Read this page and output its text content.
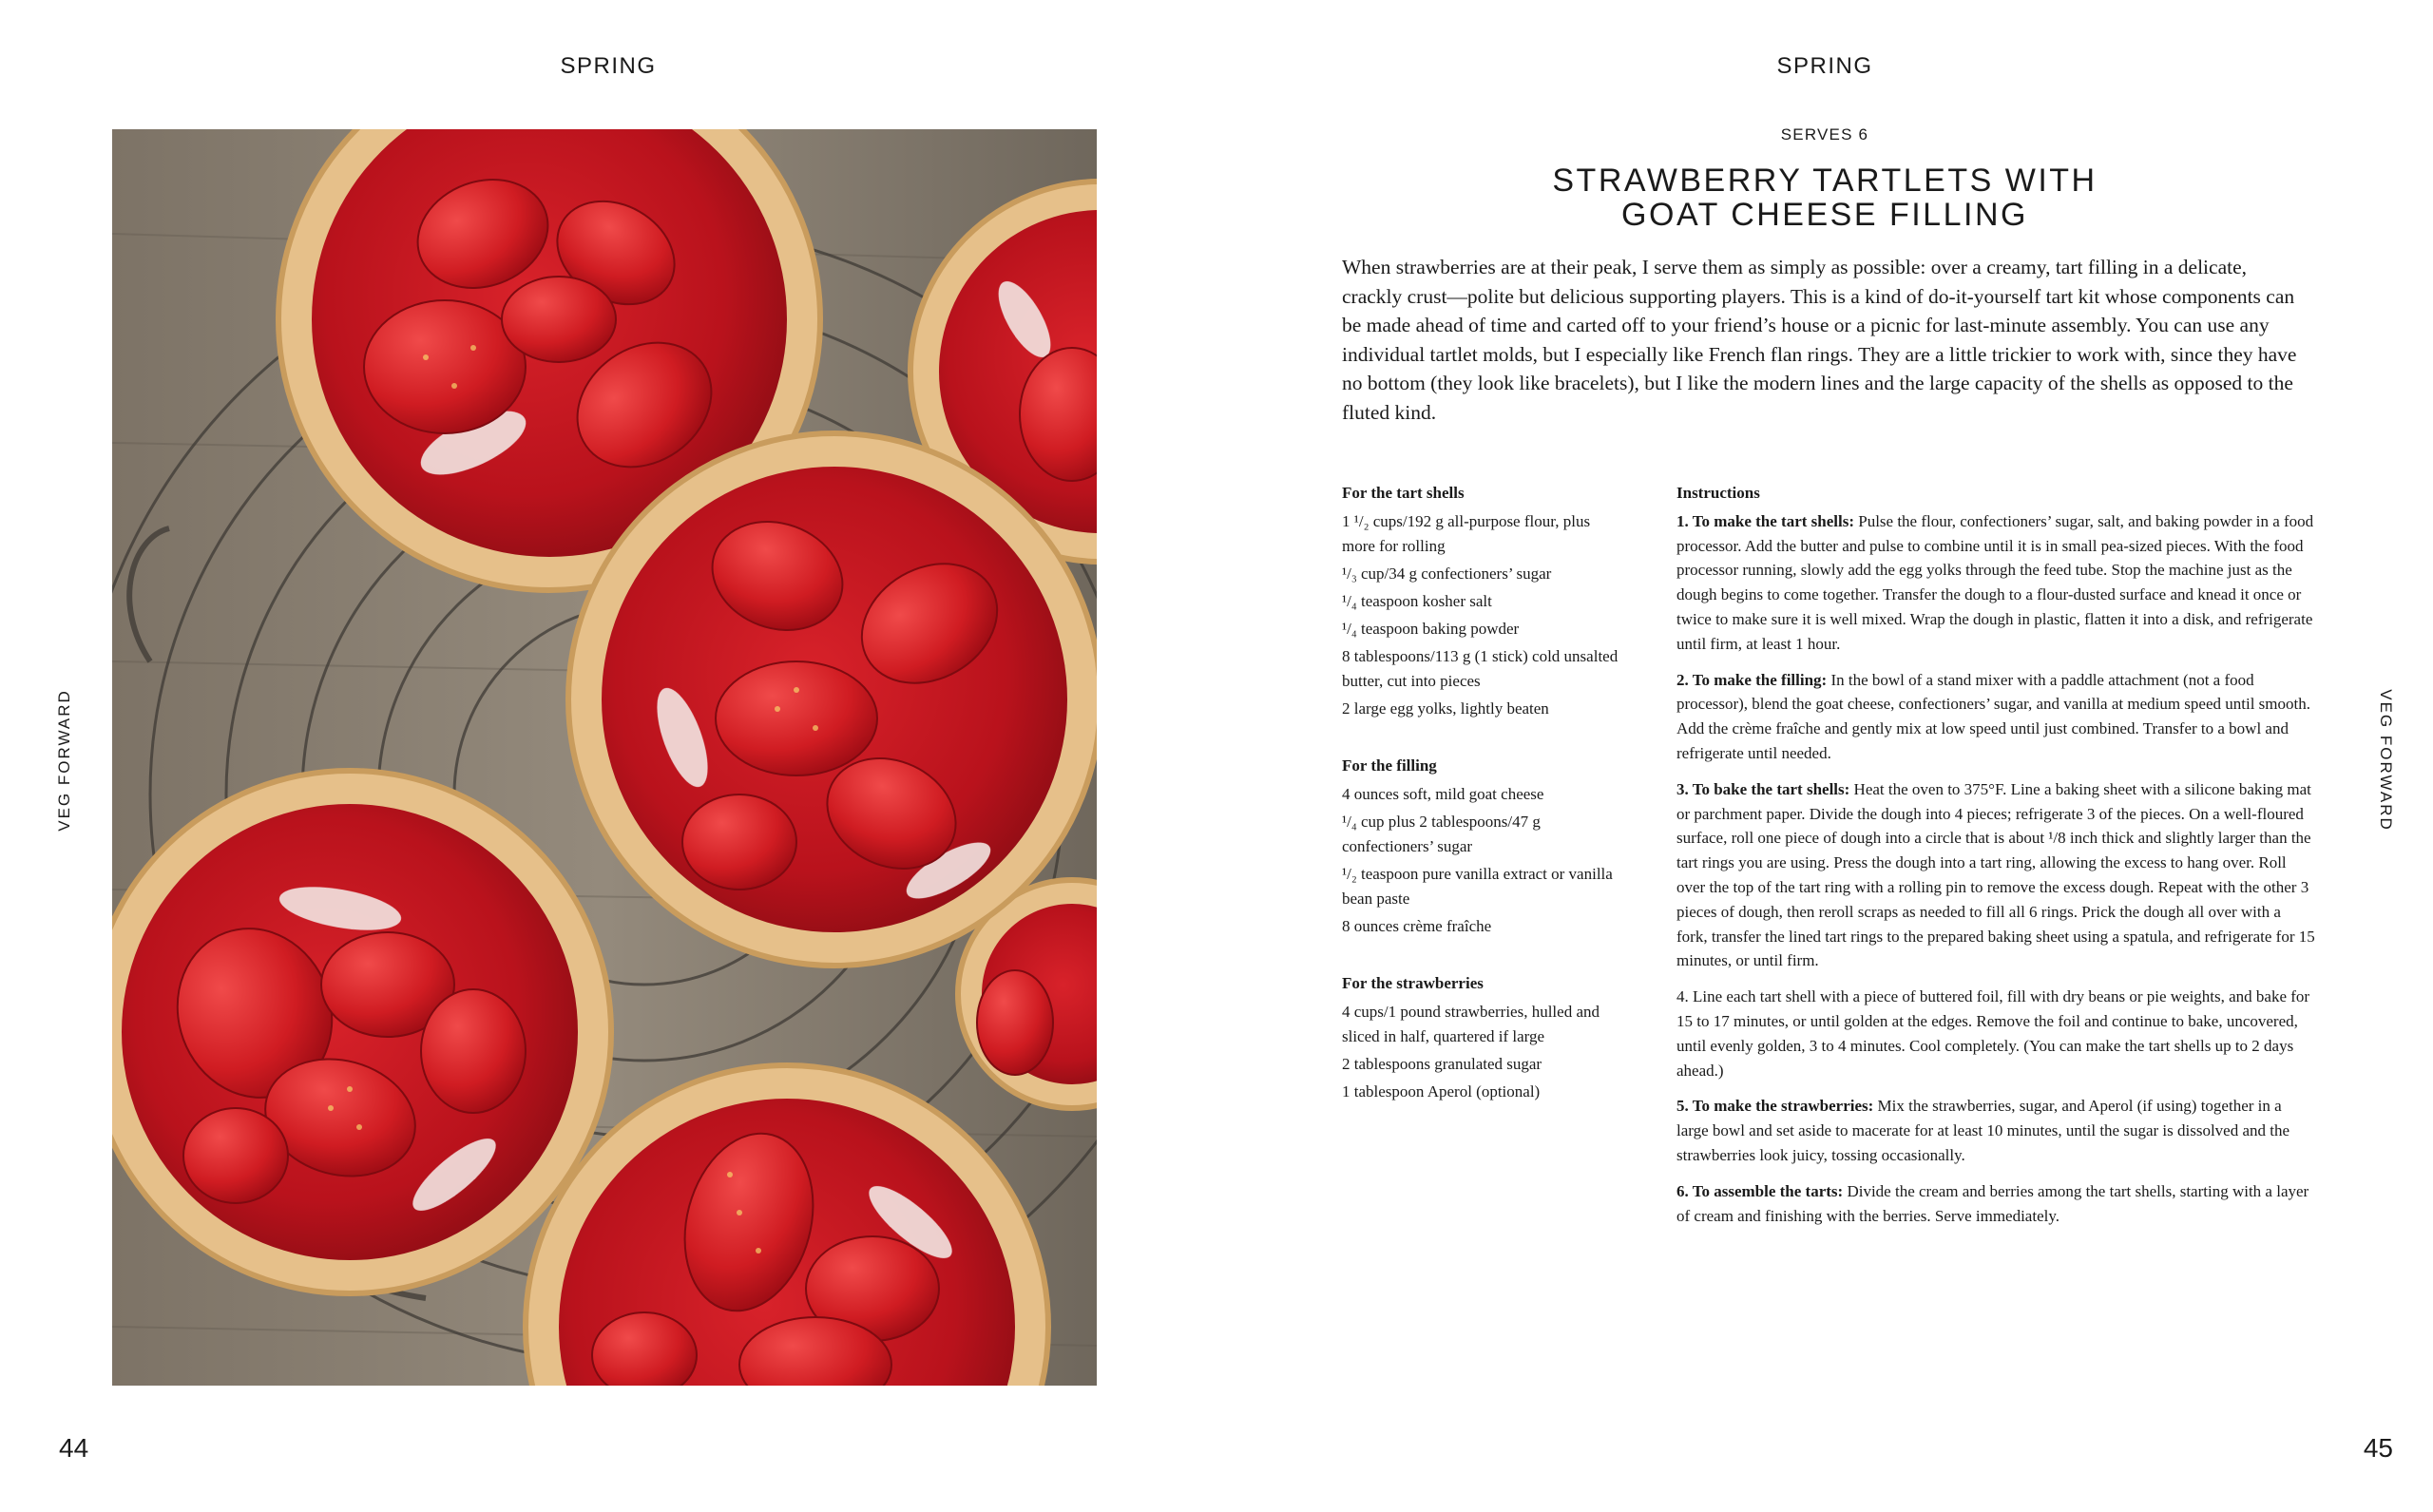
SPRING
VEG FORWARD
44
SPRING
VEG FORWARD
SERVES 6
STRAWBERRY TARTLETS WITH
GOAT CHEESE FILLING
When strawberries are at their peak, I serve them as simply as possible: over a creamy, tart filling in a delicate, crackly crust—polite but delicious supporting players. This is a kind of do-it-yourself tart kit whose components can be made ahead of time and carted off to your friend’s house or a picnic for last-minute assembly. You can use any individual tartlet molds, but I especially like French flan rings. They are a little trickier to work with, since they have no bottom (they look like bracelets), but I like the modern lines and the large capacity of the shells as opposed to the fluted kind.
For the tart shells
1 ¹/₂ cups/192 g all-purpose flour, plus more for rolling
¹/₃ cup/34 g confectioners’ sugar
¹/₄ teaspoon kosher salt
¹/₄ teaspoon baking powder
8 tablespoons/113 g (1 stick) cold unsalted butter, cut into pieces
2 large egg yolks, lightly beaten
For the filling
4 ounces soft, mild goat cheese
¹/₄ cup plus 2 tablespoons/47 g confectioners’ sugar
¹/₂ teaspoon pure vanilla extract or vanilla bean paste
8 ounces crème fraîche
For the strawberries
4 cups/1 pound strawberries, hulled and sliced in half, quartered if large
2 tablespoons granulated sugar
1 tablespoon Aperol (optional)
Instructions
1. To make the tart shells: Pulse the flour, confectioners’ sugar, salt, and baking powder in a food processor. Add the butter and pulse to combine until it is in small pea-sized pieces. With the food processor running, slowly add the egg yolks through the feed tube. Stop the machine just as the dough begins to come together. Transfer the dough to a flour-dusted surface and knead it once or twice to make sure it is well mixed. Wrap the dough in plastic, flatten it into a disk, and refrigerate until firm, at least 1 hour.
2. To make the filling: In the bowl of a stand mixer with a paddle attachment (not a food processor), blend the goat cheese, confectioners’ sugar, and vanilla at medium speed until smooth. Add the crème fraîche and gently mix at low speed until just combined. Transfer to a bowl and refrigerate until needed.
3. To bake the tart shells: Heat the oven to 375°F. Line a baking sheet with a silicone baking mat or parchment paper. Divide the dough into 4 pieces; refrigerate 3 of the pieces. On a well-floured surface, roll one piece of dough into a circle that is about ¹/8 inch thick and slightly larger than the tart rings you are using. Press the dough into a tart ring, allowing the excess to hang over. Roll over the top of the tart ring with a rolling pin to remove the excess dough. Repeat with the other 3 pieces of dough, then reroll scraps as needed to fill all 6 rings. Prick the dough all over with a fork, transfer the lined tart rings to the prepared baking sheet using a spatula, and refrigerate for 15 minutes, or until firm.
4. Line each tart shell with a piece of buttered foil, fill with dry beans or pie weights, and bake for 15 to 17 minutes, or until golden at the edges. Remove the foil and continue to bake, uncovered, until evenly golden, 3 to 4 minutes. Cool completely. (You can make the tart shells up to 2 days ahead.)
5. To make the strawberries: Mix the strawberries, sugar, and Aperol (if using) together in a large bowl and set aside to macerate for at least 10 minutes, until the sugar is dissolved and the strawberries look juicy, tossing occasionally.
6. To assemble the tarts: Divide the cream and berries among the tart shells, starting with a layer of cream and finishing with the berries. Serve immediately.
45
